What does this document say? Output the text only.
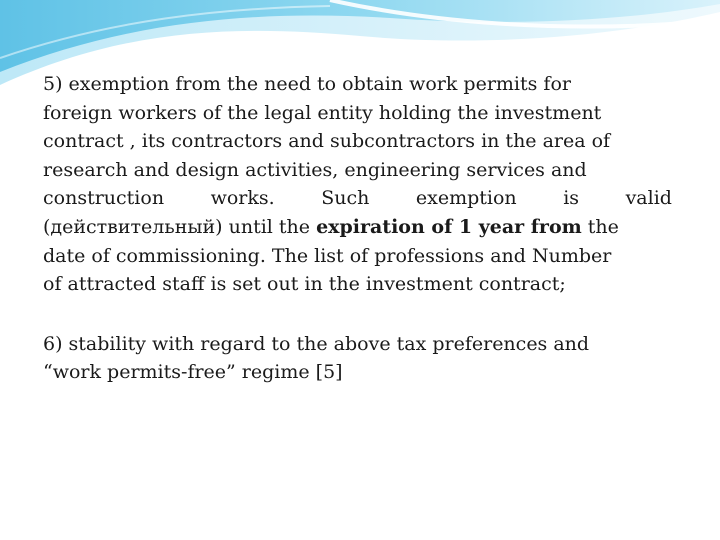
5) exemption from the need to obtain work permits for
foreign workers of the legal entity holding the investment
contract , its contractors and subcontractors in the area of
research and design activities, engineering services and
construction works. Such exemption is valid
(действительный) until the expiration of 1 year from the
date of commissioning. The list of professions and Number
of attracted staff is set out in the investment contract;

6) stability with regard to the above tax preferences and
“work permits-free” regime [5]
